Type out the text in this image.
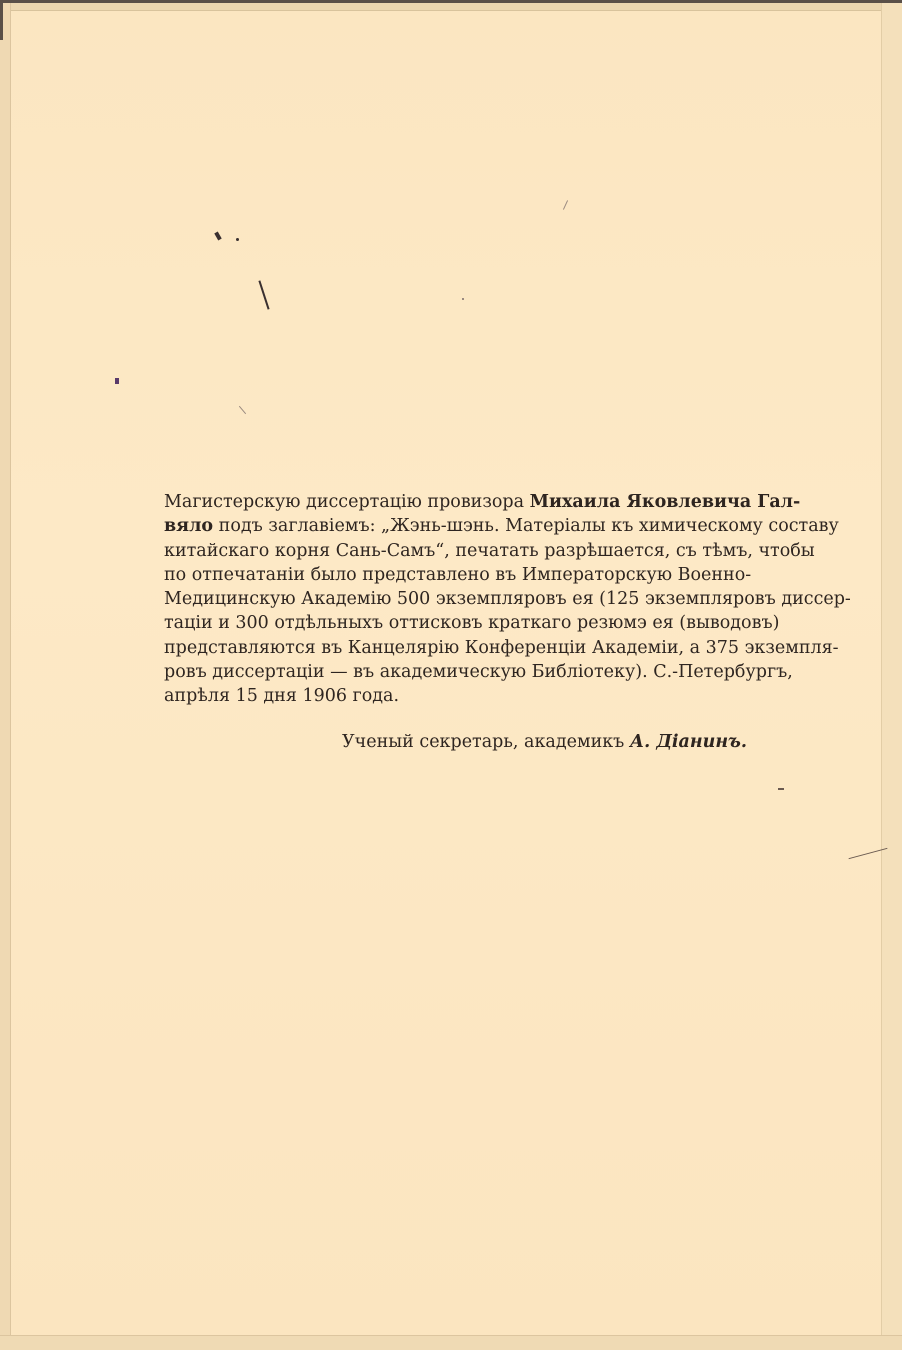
Магистерскую диссертацію провизора Михаила Яковлевича Гал-
вяло подъ заглавіемъ: „Жэнь-шэнь. Матеріалы къ химическому составу
китайскаго корня Сань-Самъ“, печатать разрѣшается, съ тѣмъ, чтобы
по отпечатаніи было представлено въ Императорскую Военно-
Медицинскую Академію 500 экземпляровъ ея (125 экземпляровъ диссер-
таціи и 300 отдѣльныхъ оттисковъ краткаго резюмэ ея (выводовъ)
представляются въ Канцелярію Конференціи Академіи, а 375 экземпля-
ровъ диссертаціи — въ академическую Библіотеку). С.-Петербургъ,
апрѣля 15 дня 1906 года.
Ученый секретарь, академикъ А. Діанинъ.
